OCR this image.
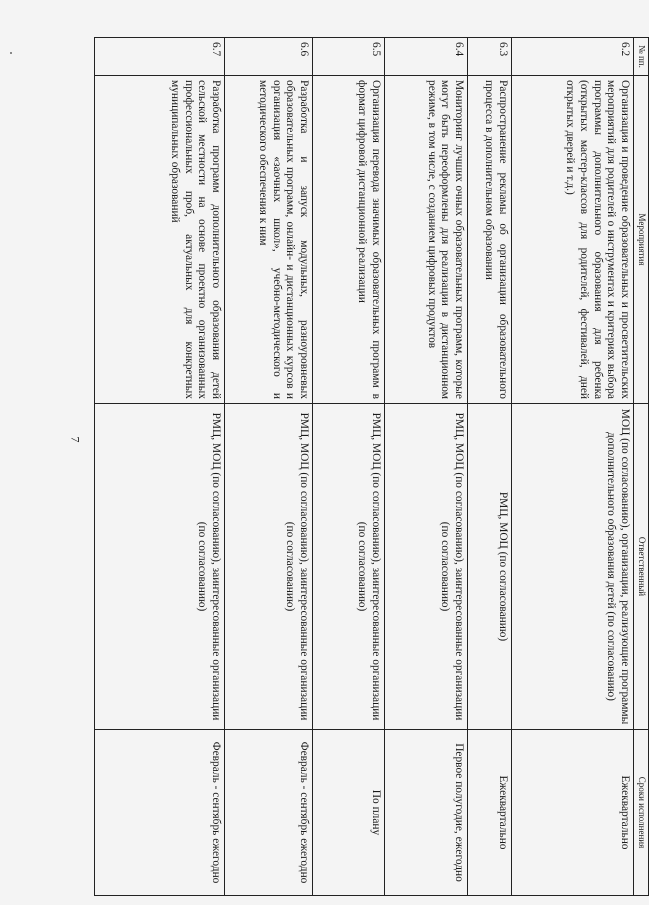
7
№ пп.	Мероприятия	Ответственный	Сроки исполнения
6.2	Организация и проведение образовательных и просветительских мероприятий для родителей о инструментах и критериях выбора программы дополнительного образования для ребенка (открытых мастер-классов для родителей, фестивалей, дней открытых дверей и т.д.)	МОЦ (по согласованию), организации, реализующие программы дополнительного образования детей (по согласованию)	Ежеквартально
6.3	Распространение рекламы об организации образовательного процесса в дополнительном образовании	РМЦ, МОЦ (по согласованию)	Ежеквартально
6.4	Мониторинг лучших очных образовательных программ, которые могут быть переоформлены для реализации в дистанционном режиме, в том числе, с созданием цифровых продуктов	РМЦ, МОЦ (по согласованию), заинтересованные организации (по согласованию)	Первое полугодие, ежегодно
6.5	Организация перевода значимых образовательных программ в формат цифровой дистанционной реализации	РМЦ, МОЦ (по согласованию), заинтересованные организации (по согласованию)	По плану
6.6	Разработка и запуск модульных, разноуровневых образовательных программ, онлайн- и дистанционных курсов и организация «заочных школ», учебно-методического и методического обеспечения к ним	РМЦ, МОЦ (по согласованию), заинтересованные организации (по согласованию)	Февраль - сентябрь ежегодно
6.7	Разработка программ дополнительного образования детей сельской местности на основе проектно организованных профессиональных проб, актуальных для конкретных муниципальных образований	РМЦ, МОЦ (по согласованию), заинтересованные организации (по согласованию)	Февраль - сентябрь ежегодно
